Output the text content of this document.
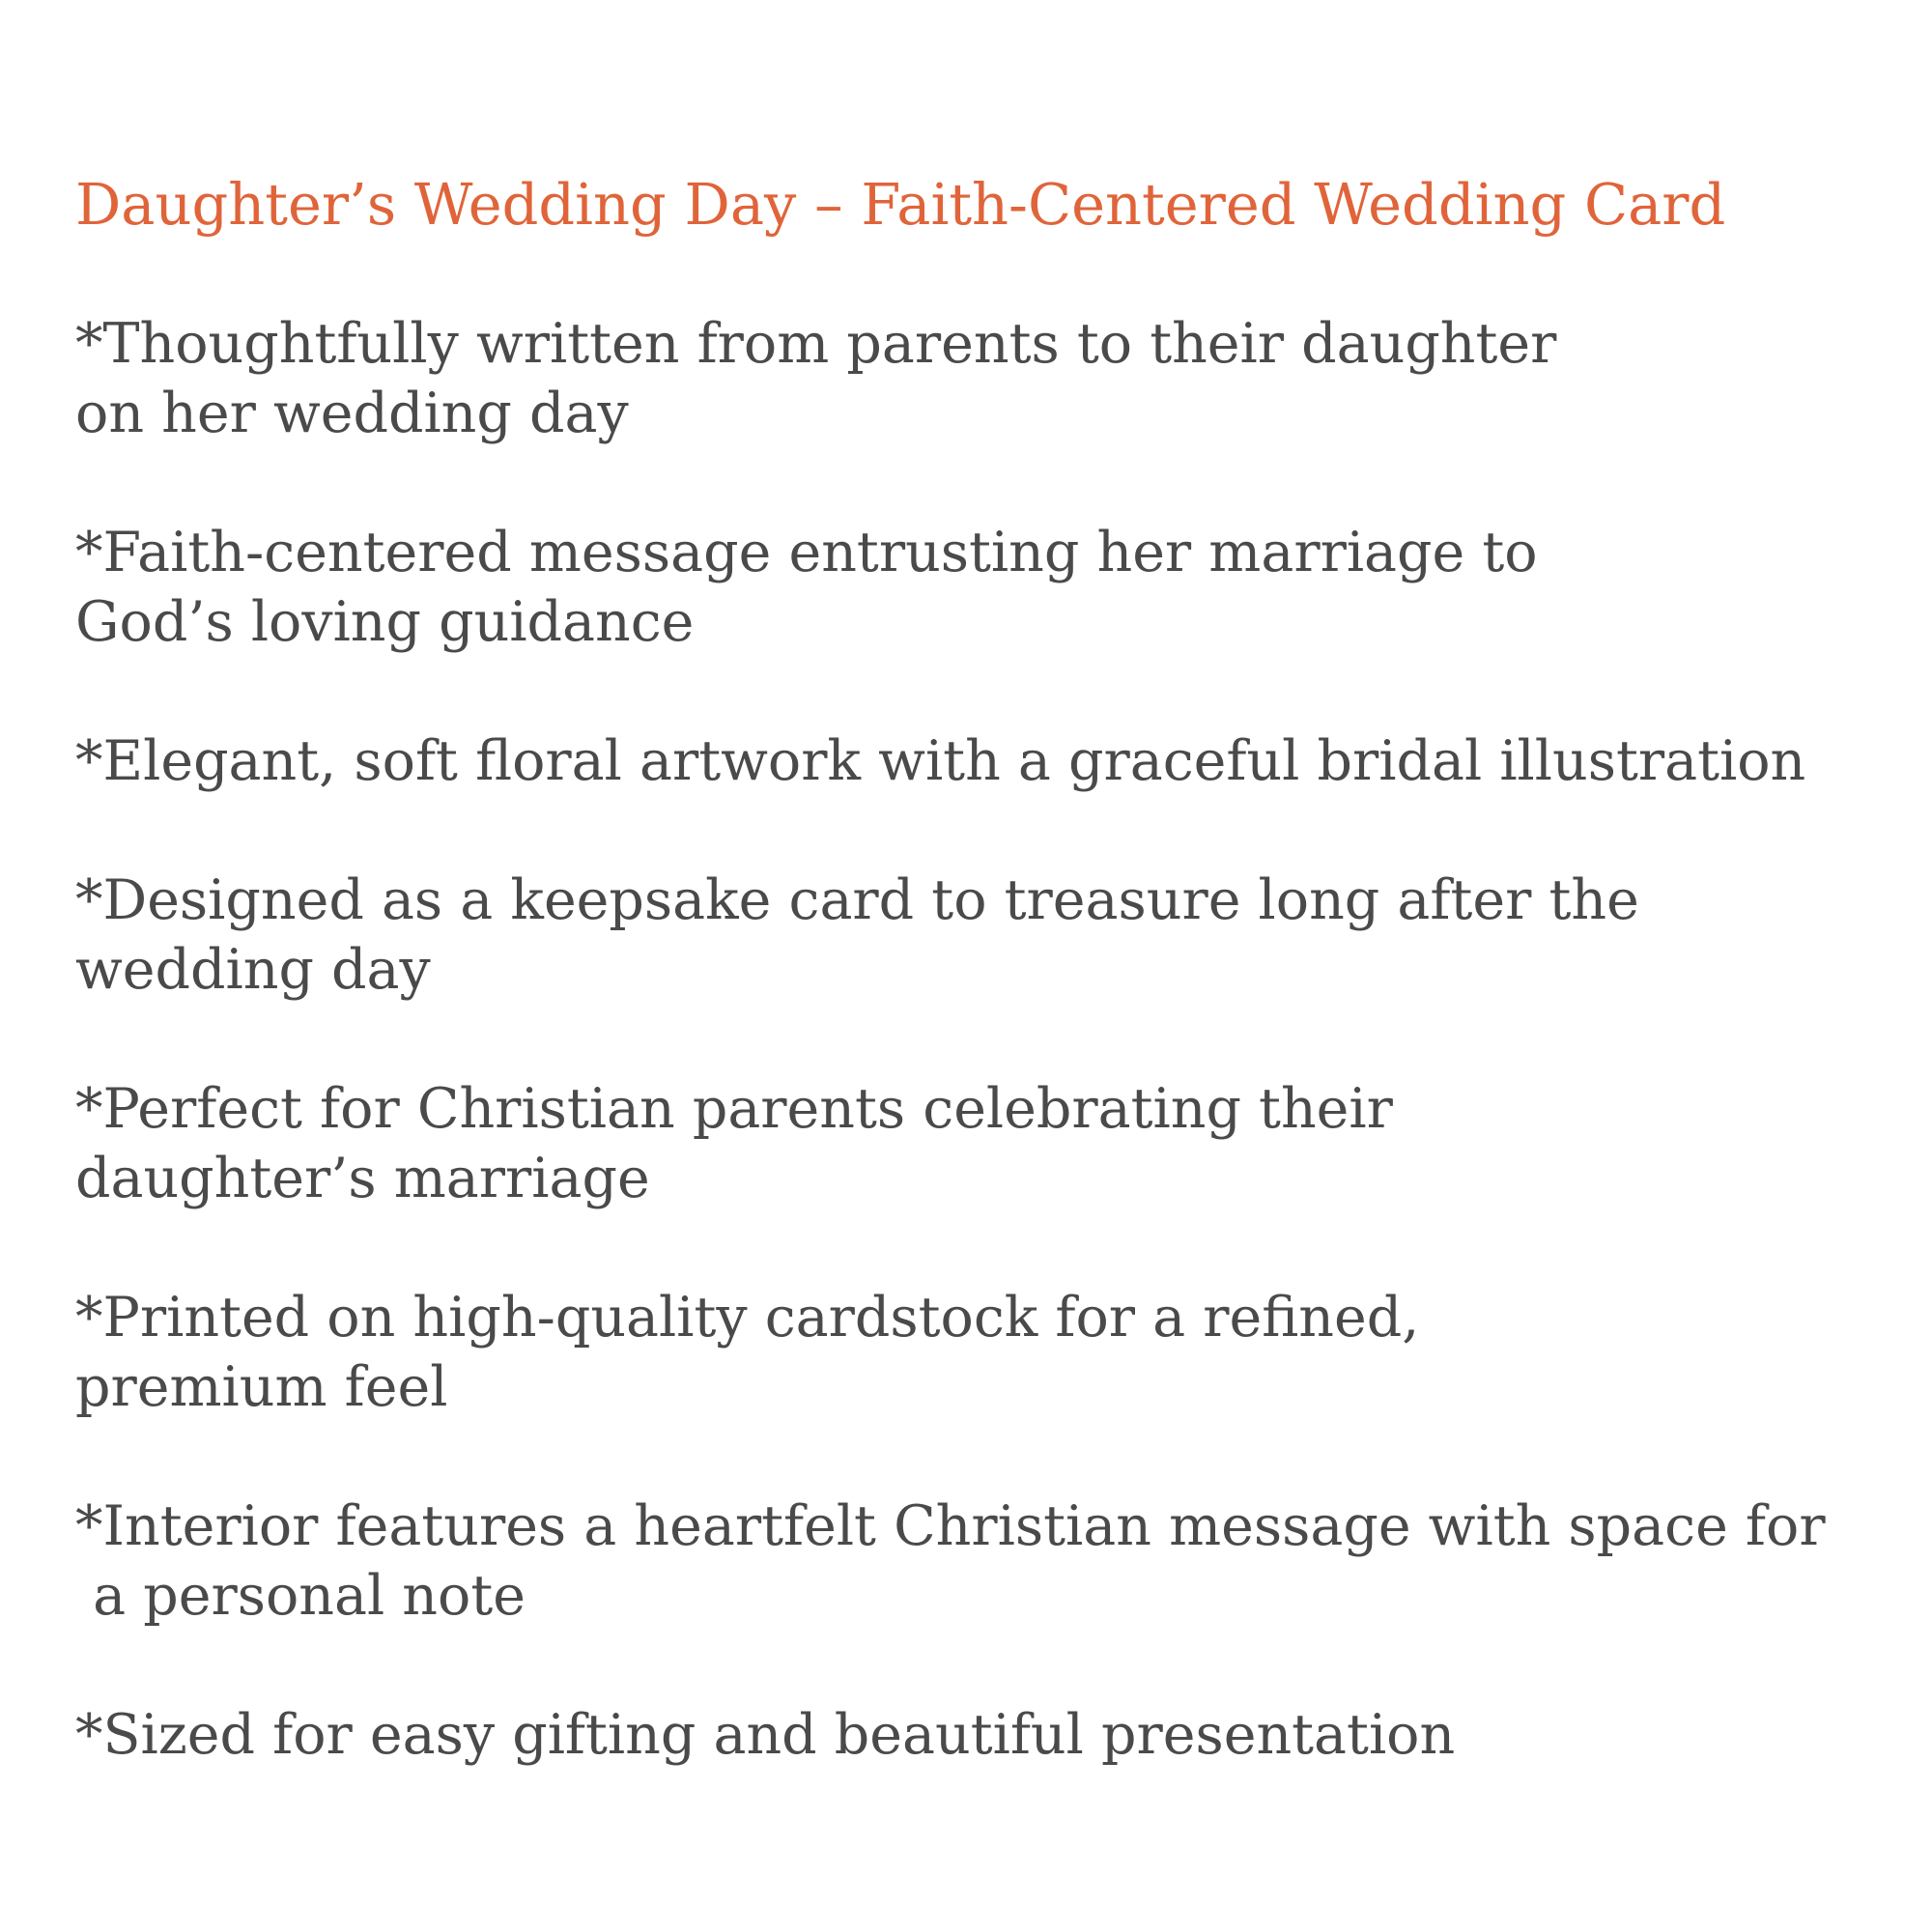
Daughter’s Wedding Day – Faith-Centered Wedding Card
*Thoughtfully written from parents to their daughter
on her wedding day
*Faith-centered message entrusting her marriage to
God’s loving guidance
*Elegant, soft floral artwork with a graceful bridal illustration
*Designed as a keepsake card to treasure long after the
wedding day
*Perfect for Christian parents celebrating their
daughter’s marriage
*Printed on high-quality cardstock for a refined,
premium feel
*Interior features a heartfelt Christian message with space for
a personal note
*Sized for easy gifting and beautiful presentation
